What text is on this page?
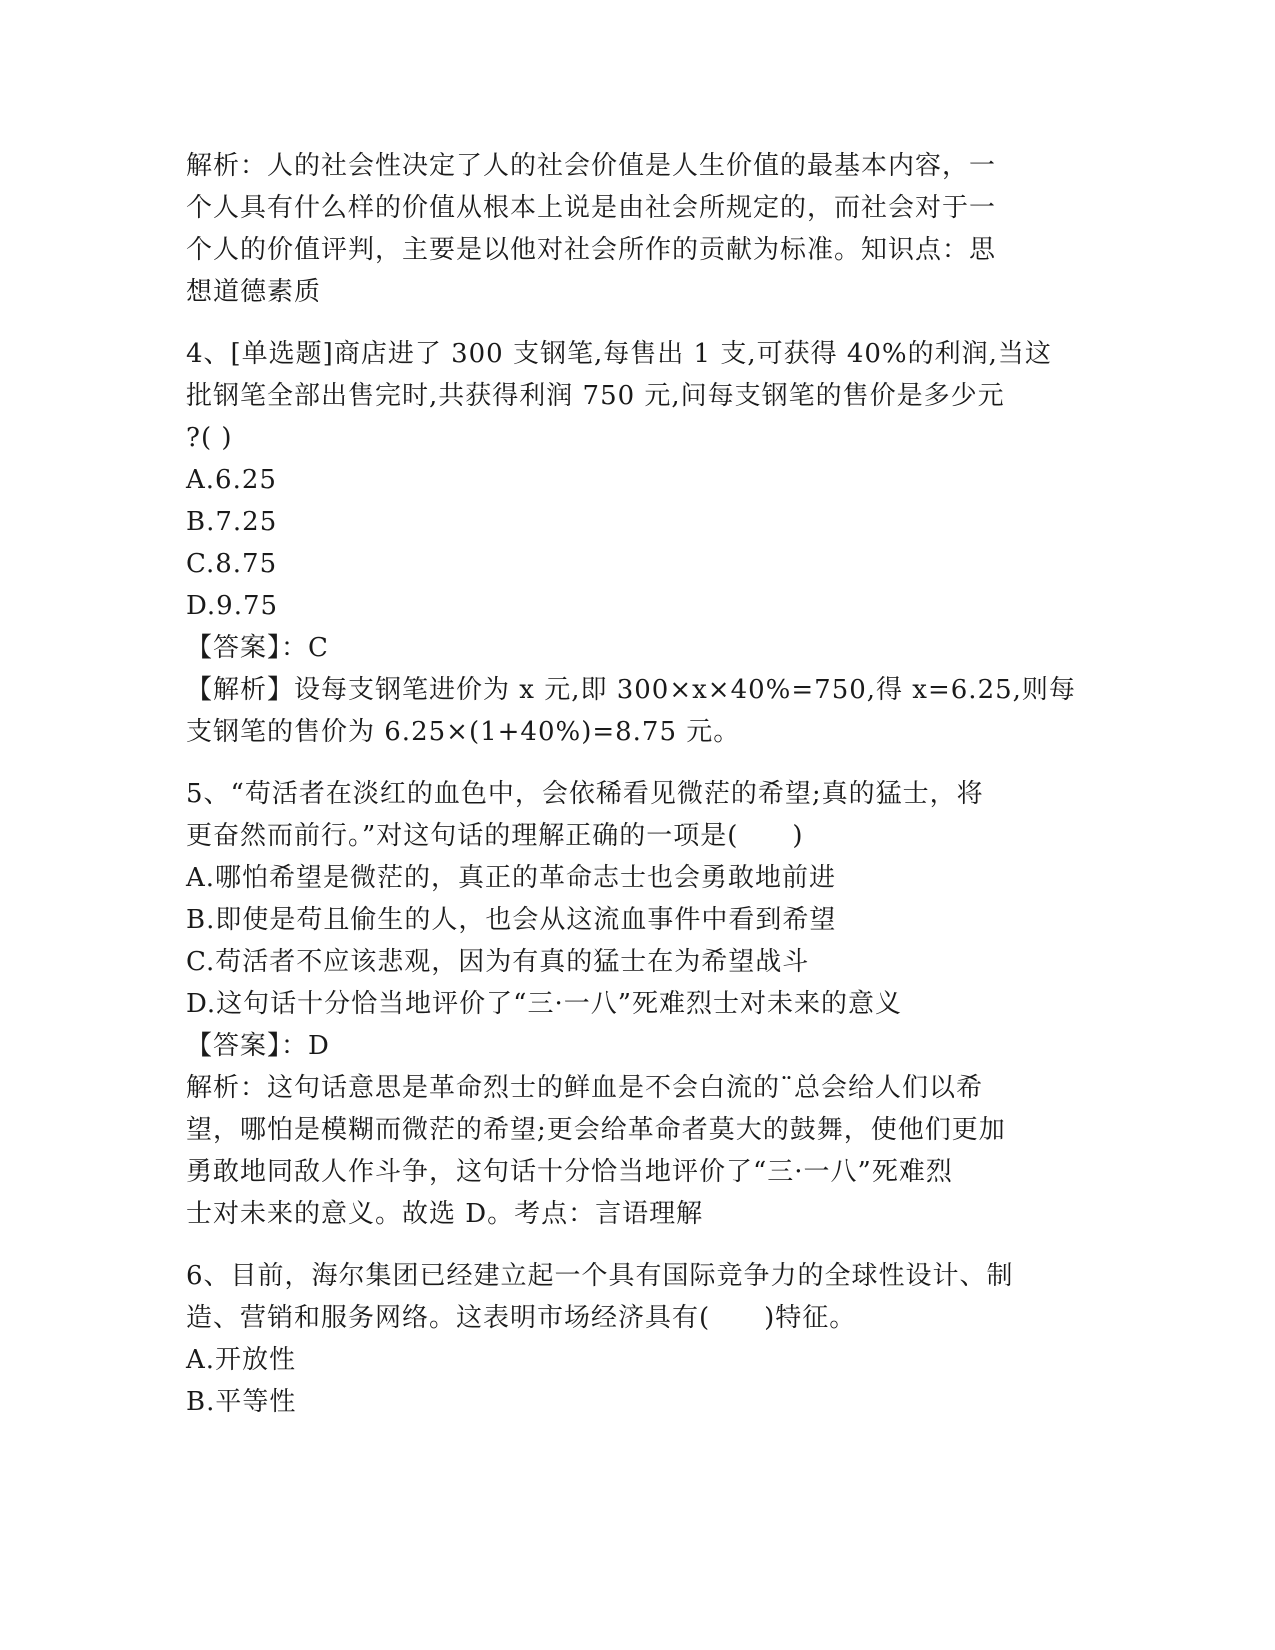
解析：人的社会性决定了人的社会价值是人生价值的最基本内容，一
个人具有什么样的价值从根本上说是由社会所规定的，而社会对于一
个人的价值评判，主要是以他对社会所作的贡献为标准。知识点：思
想道德素质
4、[单选题]商店进了 300 支钢笔,每售出 1 支,可获得 40%的利润,当这
批钢笔全部出售完时,共获得利润 750 元,问每支钢笔的售价是多少元
?( )
A.6.25
B.7.25
C.8.75
D.9.75
【答案】：C
【解析】设每支钢笔进价为 x 元,即 300×x×40%=750,得 x=6.25,则每
支钢笔的售价为 6.25×(1+40%)=8.75 元。
5、“苟活者在淡红的血色中，会依稀看见微茫的希望;真的猛士，将
更奋然而前行。”对这句话的理解正确的一项是(　　)
A.哪怕希望是微茫的，真正的革命志士也会勇敢地前进
B.即使是苟且偷生的人，也会从这流血事件中看到希望
C.苟活者不应该悲观，因为有真的猛士在为希望战斗
D.这句话十分恰当地评价了“三·一八”死难烈士对未来的意义
【答案】：D
解析：这句话意思是革命烈士的鲜血是不会白流的¨总会给人们以希
望，哪怕是模糊而微茫的希望;更会给革命者莫大的鼓舞，使他们更加
勇敢地同敌人作斗争，这句话十分恰当地评价了“三·一八”死难烈
士对未来的意义。故选 D。考点：言语理解
6、目前，海尔集团已经建立起一个具有国际竞争力的全球性设计、制
造、营销和服务网络。这表明市场经济具有(　　)特征。
A.开放性
B.平等性
